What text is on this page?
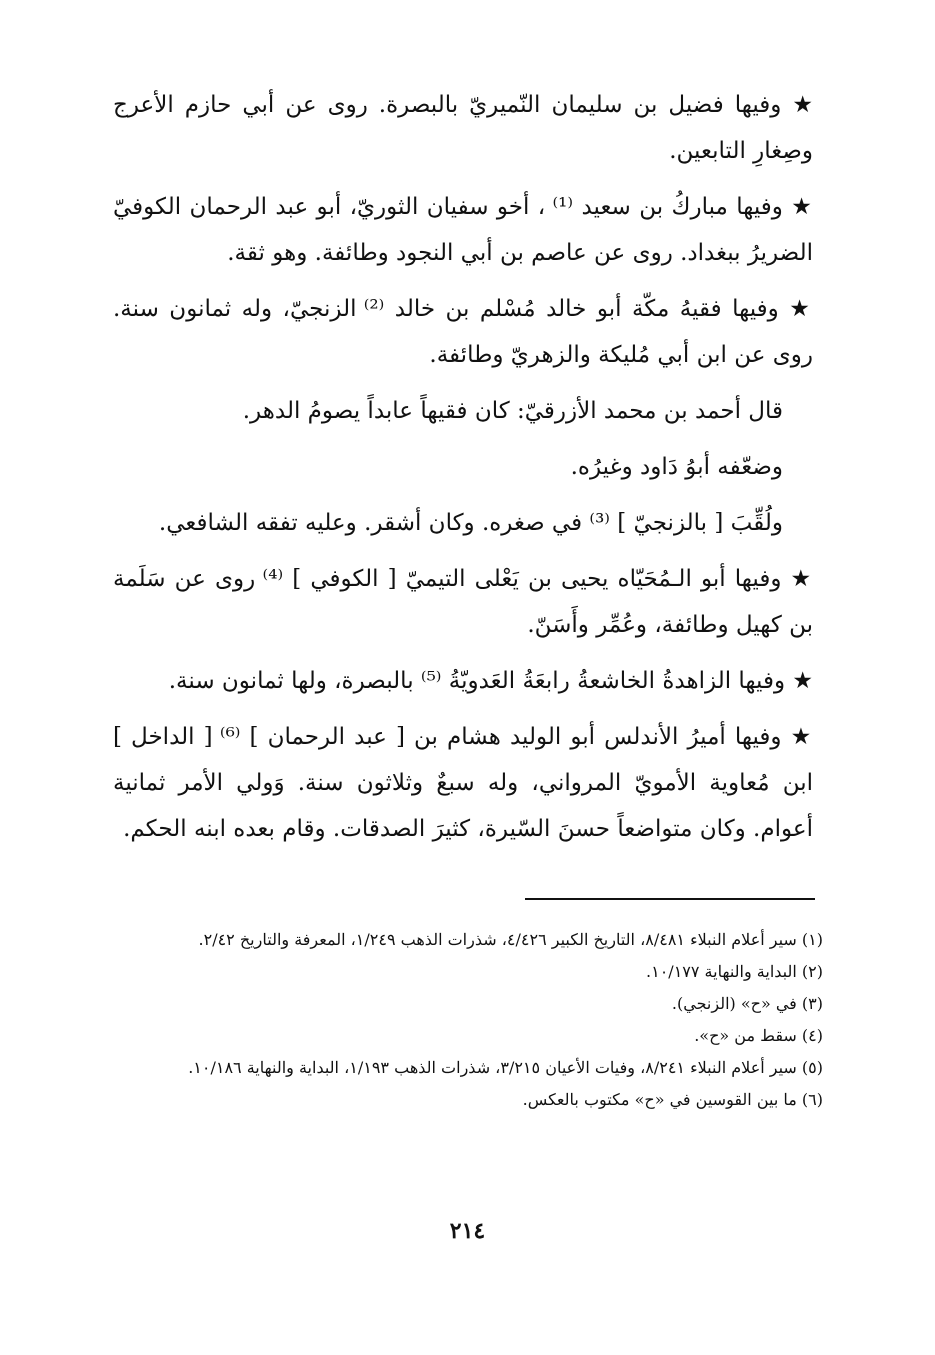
★ وفيها فضيل بن سليمان النّميريّ بالبصرة. روى عن أبي حازم الأعرج وصِغارِ التابعين.

★ وفيها مباركُ بن سعيد ⁽¹⁾ ، أخو سفيان الثوريّ، أبو عبد الرحمان الكوفيّ الضريرُ ببغداد. روى عن عاصم بن أبي النجود وطائفة. وهو ثقة.

★ وفيها فقيهُ مكّة أبو خالد مُسْلم بن خالد ⁽²⁾ الزنجيّ، وله ثمانون سنة. روى عن ابن أبي مُليكة والزهريّ وطائفة.

قال أحمد بن محمد الأزرقيّ: كان فقيهاً عابداً يصومُ الدهر.

وضعّفه أبوُ دَاود وغيرُه.

ولُقِّبَ [ بالزنجيّ ] ⁽³⁾ في صغره. وكان أشقر. وعليه تفقه الشافعي.

★ وفيها أبو الـمُحَيّاه يحيى بن يَعْلى التيميّ [ الكوفي ] ⁽⁴⁾ روى عن سَلَمة بن كهيل وطائفة، وعُمِّر وأَسَنّ.

★ وفيها الزاهدةُ الخاشعةُ رابعَةُ العَدويّةُ ⁽⁵⁾ بالبصرة، ولها ثمانون سنة.

★ وفيها أميرُ الأندلس أبو الوليد هشام بن [ عبد الرحمان ] ⁽⁶⁾ [ الداخل ] ابن مُعاوية الأمويّ المرواني، وله سبعٌ وثلاثون سنة. وَولي الأمر ثمانية أعوام. وكان متواضعاً حسنَ السّيرة، كثيرَ الصدقات. وقام بعده ابنه الحكم.

(١) سير أعلام النبلاء ٨/٤٨١، التاريخ الكبير ٤/٤٢٦، شذرات الذهب ١/٢٤٩، المعرفة والتاريخ ٢/٤٢.

(٢) البداية والنهاية ١٠/١٧٧.

(٣) في «ح» (الزنجي).

(٤) سقط من «ح».

(٥) سير أعلام النبلاء ٨/٢٤١، وفيات الأعيان ٣/٢١٥، شذرات الذهب ١/١٩٣، البداية والنهاية ١٠/١٨٦.

(٦) ما بين القوسين في «ح» مكتوب بالعكس.

٢١٤
